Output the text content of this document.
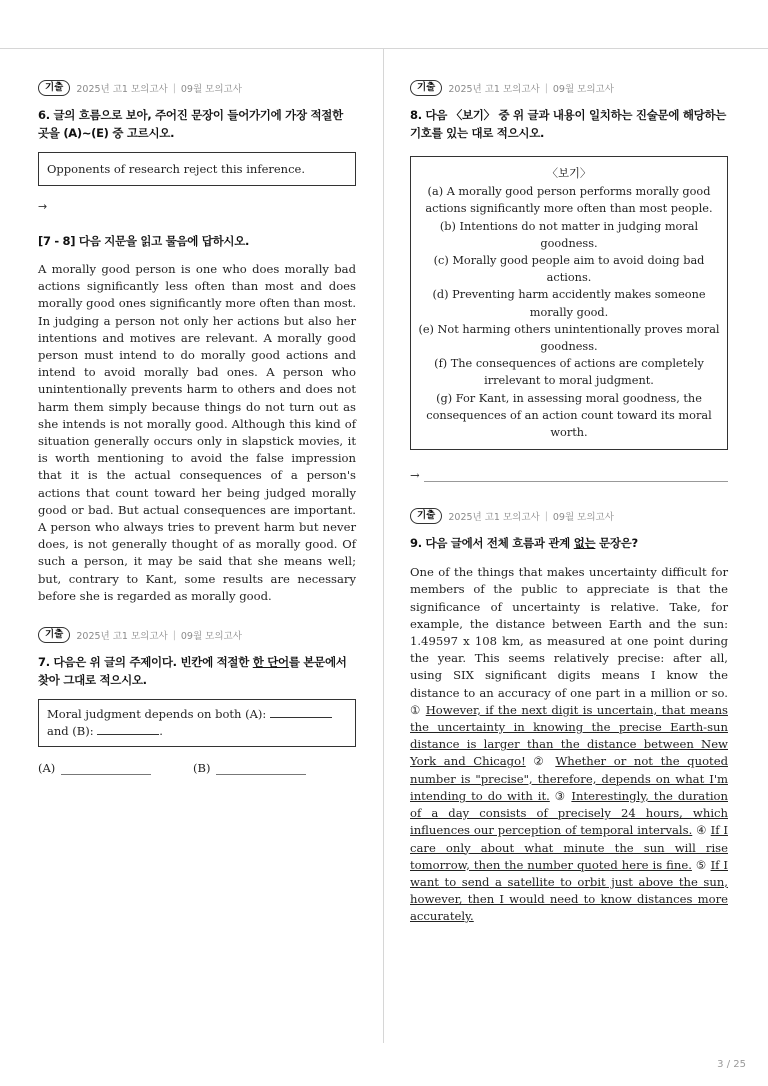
기출	2025년 고1 모의고사 | 09월 모의고사
6. 글의 흐름으로 보아, 주어진 문장이 들어가기에 가장 적절한 곳을 (A)~(E) 중 고르시오.
Opponents of research reject this inference.
→
[7 - 8] 다음 지문을 읽고 물음에 답하시오.
A morally good person is one who does morally bad actions significantly less often than most and does morally good ones significantly more often than most. In judging a person not only her actions but also her intentions and motives are relevant. A morally good person must intend to do morally good actions and intend to avoid morally bad ones. A person who unintentionally prevents harm to others and does not harm them simply because things do not turn out as she intends is not morally good. Although this kind of situation generally occurs only in slapstick movies, it is worth mentioning to avoid the false impression that it is the actual consequences of a person's actions that count toward her being judged morally good or bad. But actual consequences are important. A person who always tries to prevent harm but never does, is not generally thought of as morally good. Of such a person, it may be said that she means well; but, contrary to Kant, some results are necessary before she is regarded as morally good.
기출	2025년 고1 모의고사 | 09월 모의고사
7. 다음은 위 글의 주제이다. 빈칸에 적절한 한 단어를 본문에서 찾아 그대로 적으시오.
Moral judgment depends on both (A):  and (B):	.
(A)	(B)
기출	2025년 고1 모의고사 | 09월 모의고사
8. 다음 〈보기〉 중 위 글과 내용이 일치하는 진술문에 해당하는 기호를 있는 대로 적으시오.
〈보기〉
(a) A morally good person performs morally good actions significantly more often than most people.
(b) Intentions do not matter in judging moral goodness.
(c) Morally good people aim to avoid doing bad actions.
(d) Preventing harm accidently makes someone morally good.
(e) Not harming others unintentionally proves moral goodness.
(f) The consequences of actions are completely irrelevant to moral judgment.
(g) For Kant, in assessing moral goodness, the consequences of an action count toward its moral worth.
→
기출	2025년 고1 모의고사 | 09월 모의고사
9. 다음 글에서 전체 흐름과 관계 없는 문장은?
One of the things that makes uncertainty difficult for members of the public to appreciate is that the significance of uncertainty is relative. Take, for example, the distance between Earth and the sun: 1.49597 x 108 km, as measured at one point during the year. This seems relatively precise: after all, using SIX significant digits means I know the distance to an accuracy of one part in a million or so. ① However, if the next digit is uncertain, that means the uncertainty in knowing the precise Earth-sun distance is larger than the distance between New York and Chicago! ② Whether or not the quoted number is "precise", therefore, depends on what I'm intending to do with it. ③ Interestingly, the duration of a day consists of precisely 24 hours, which influences our perception of temporal intervals. ④ If I care only about what minute the sun will rise tomorrow, then the number quoted here is fine. ⑤ If I want to send a satellite to orbit just above the sun, however, then I would need to know distances more accurately.
3 / 25
